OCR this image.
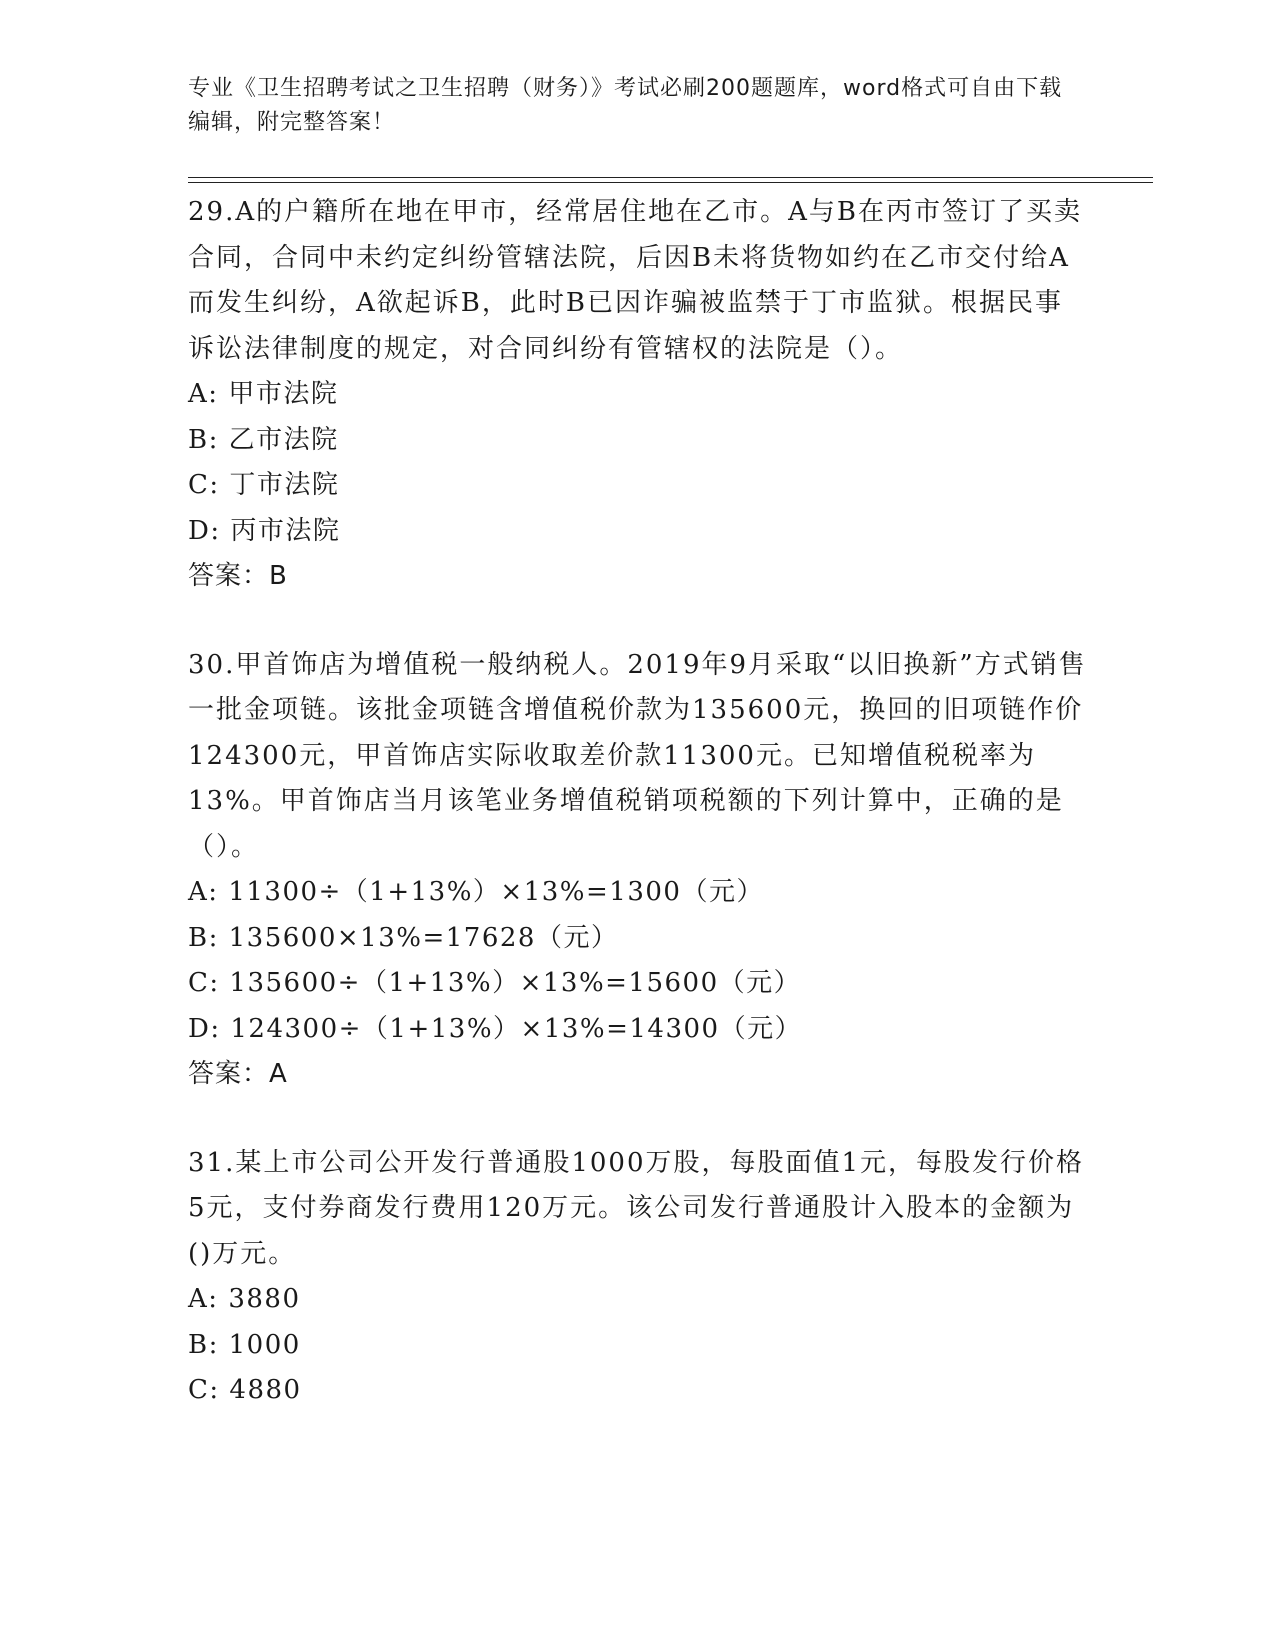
专业《卫生招聘考试之卫生招聘（财务）》考试必刷200题题库，word格式可自由下载编辑，附完整答案！

29.A的户籍所在地在甲市，经常居住地在乙市。A与B在丙市签订了买卖合同，合同中未约定纠纷管辖法院，后因B未将货物如约在乙市交付给A而发生纠纷，A欲起诉B，此时B已因诈骗被监禁于丁市监狱。根据民事诉讼法律制度的规定，对合同纠纷有管辖权的法院是（）。

A: 甲市法院
B: 乙市法院
C: 丁市法院
D: 丙市法院
答案：B

30.甲首饰店为增值税一般纳税人。2019年9月采取“以旧换新”方式销售一批金项链。该批金项链含增值税价款为135600元，换回的旧项链作价124300元，甲首饰店实际收取差价款11300元。已知增值税税率为13%。甲首饰店当月该笔业务增值税销项税额的下列计算中，正确的是（）。

A: 11300÷（1+13%）×13%=1300（元）
B: 135600×13%=17628（元）
C: 135600÷（1+13%）×13%=15600（元）
D: 124300÷（1+13%）×13%=14300（元）
答案：A

31.某上市公司公开发行普通股1000万股，每股面值1元，每股发行价格5元，支付券商发行费用120万元。该公司发行普通股计入股本的金额为()万元。

A: 3880
B: 1000
C: 4880
